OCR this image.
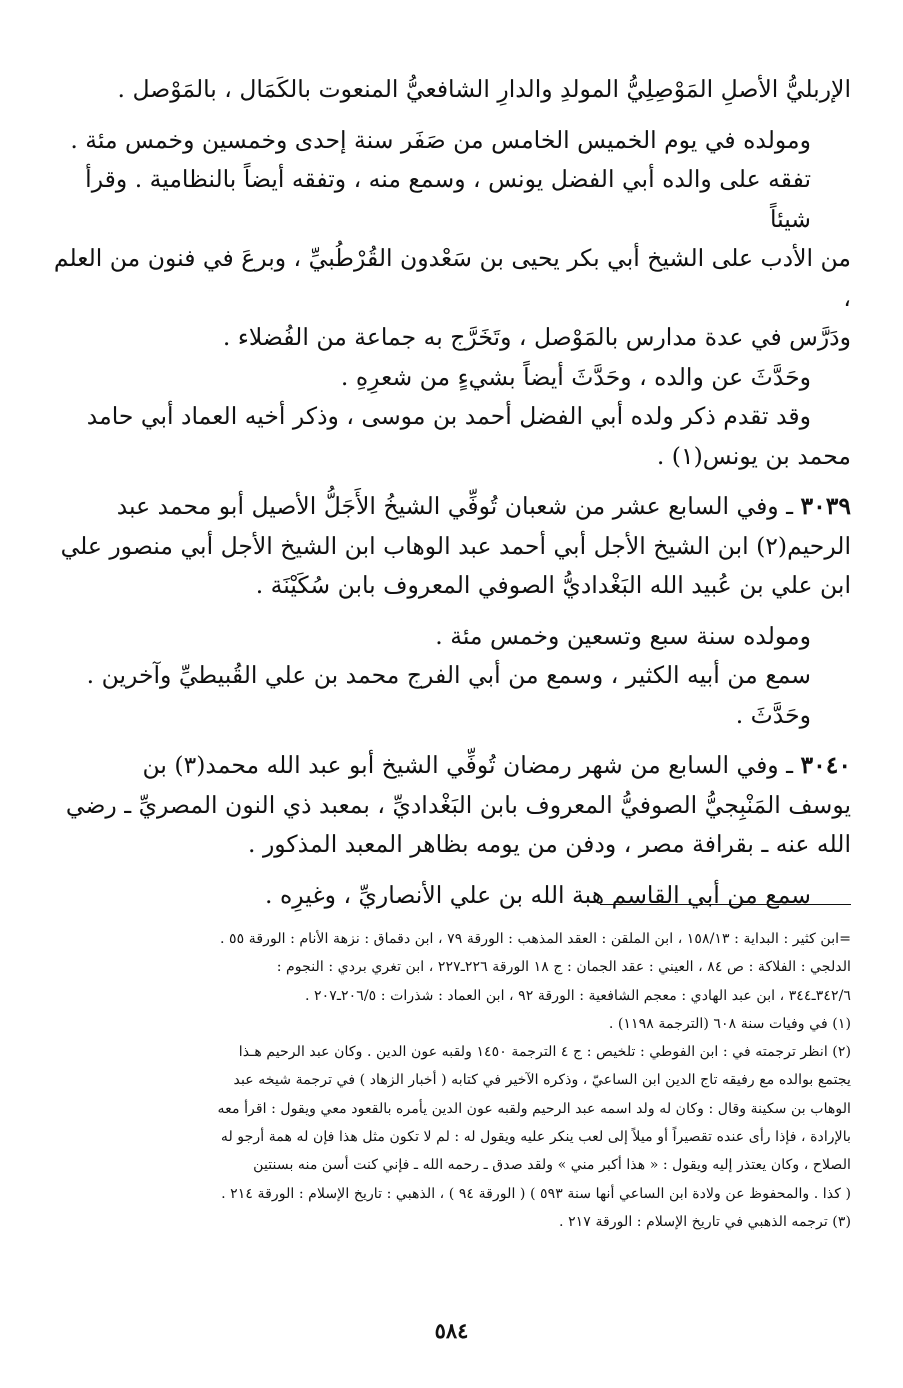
الإربليُّ الأصلِ المَوْصِلِيُّ المولدِ والدارِ الشافعيُّ المنعوت بالكَمَال ، بالمَوْصل .

ومولده في يوم الخميس الخامس من صَفَر سنة إحدى وخمسين وخمس مئة .

تفقه على والده أبي الفضل يونس ، وسمع منه ، وتفقه أيضاً بالنظامية . وقرأ شيئاً

من الأدب على الشيخ أبي بكر يحيى بن سَعْدون القُرْطُبيِّ ، وبرعَ في فنون من العلم ،

ودَرَّس في عدة مدارس بالمَوْصل ، وتَخَرَّج به جماعة من الفُضلاء .

وحَدَّثَ عن والده ، وحَدَّثَ أيضاً بشيءٍ من شعرِهِ .

وقد تقدم ذكر ولده أبي الفضل أحمد بن موسى ، وذكر أخيه العماد أبي حامد

محمد بن يونس(١) .

٣٠٣٩ ـ وفي السابع عشر من شعبان تُوفِّي الشيخُ الأَجَلُّ الأصيل أبو محمد عبد

الرحيم(٢) ابن الشيخ الأجل أبي أحمد عبد الوهاب ابن الشيخ الأجل أبي منصور علي

ابن علي بن عُبيد الله البَغْداديُّ الصوفي المعروف بابن سُكَيْنَة .

ومولده سنة سبع وتسعين وخمس مئة .

سمع من أبيه الكثير ، وسمع من أبي الفرج محمد بن علي القُبيطيِّ وآخرين .

وحَدَّثَ .

٣٠٤٠ ـ وفي السابع من شهر رمضان تُوفِّي الشيخ أبو عبد الله محمد(٣) بن

يوسف المَنْبِجيُّ الصوفيُّ المعروف بابن البَغْداديِّ ، بمعبد ذي النون المصريِّ ـ رضي

الله عنه ـ بقرافة مصر ، ودفن من يومه بظاهر المعبد المذكور .

سمع من أبي القاسم هبة الله بن علي الأنصاريِّ ، وغيرِه .

=ابن كثير : البداية : ١٥٨/١٣ ، ابن الملقن : العقد المذهب : الورقة ٧٩ ، ابن دقماق : نزهة الأنام : الورقة ٥٥ .

الدلجي : الفلاكة : ص ٨٤ ، العيني : عقد الجمان : ج ١٨ الورقة ٢٢٦ـ٢٢٧ ، ابن تغري بردي : النجوم :

٣٤٢/٦ـ٣٤٤ ، ابن عبد الهادي : معجم الشافعية : الورقة ٩٢ ، ابن العماد : شذرات : ٢٠٦/٥ـ٢٠٧ .

(١) في وفيات سنة ٦٠٨ (الترجمة ١١٩٨) .

(٢) انظر ترجمته في : ابن الفوطي : تلخيص : ج ٤ الترجمة ١٤٥٠ ولقبه عون الدين . وكان عبد الرحيم هـذا

يجتمع بوالده مع رفيقه تاج الدين ابن الساعيّ ، وذكره الآخير في كتابه ( أخبار الزهاد ) في ترجمة شيخه عبد

الوهاب بن سكينة وقال : وكان له ولد اسمه عبد الرحيم ولقبه عون الدين يأمره بالقعود معي ويقول : اقرأ معه

بالإرادة ، فإذا رأى عنده تقصيراً أو ميلاً إلى لعب ينكر عليه ويقول له : لم لا تكون مثل هذا فإن له همة أرجو له

الصلاح ، وكان يعتذر إليه ويقول : « هذا أكبر مني » ولقد صدق ـ رحمه الله ـ فإني كنت أسن منه بسنتين

( كذا . والمحفوظ عن ولادة ابن الساعي أنها سنة ٥٩٣ ) ( الورقة ٩٤ ) ، الذهبي : تاريخ الإسلام : الورقة ٢١٤ .

(٣) ترجمه الذهبي في تاريخ الإسلام : الورقة ٢١٧ .

٥٨٤
